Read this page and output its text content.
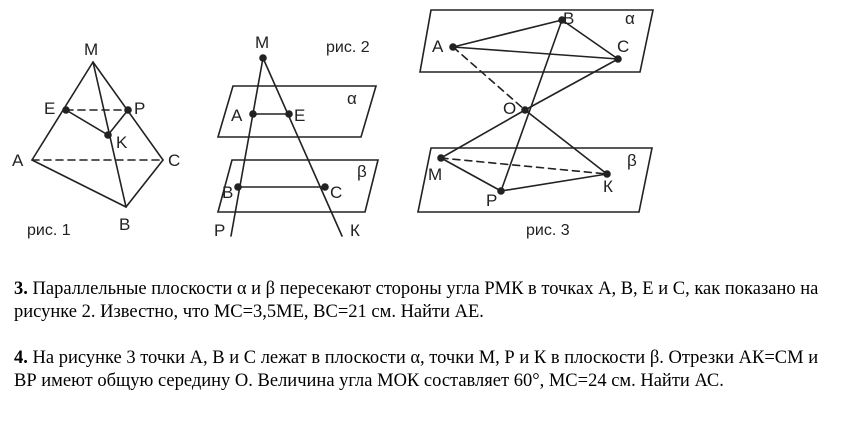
M
E	P
K
A	C
B
рис. 1
M	рис. 2
α
A	E
β
B	C
P	К
B	α
A	C
O
β
M
К
P
рис. 3

3. Параллельные плоскости α и β пересекают стороны угла РМК в точках А, В, Е и С, как показано на рисунке 2. Известно, что МС=3,5МЕ, ВС=21 см. Найти АЕ.

4. На рисунке 3 точки А, В и С лежат в плоскости α, точки М, Р и К в плоскости β. Отрезки АК=СМ и ВР имеют общую середину О. Величина угла МОК составляет 60°, МС=24 см. Найти АС.
